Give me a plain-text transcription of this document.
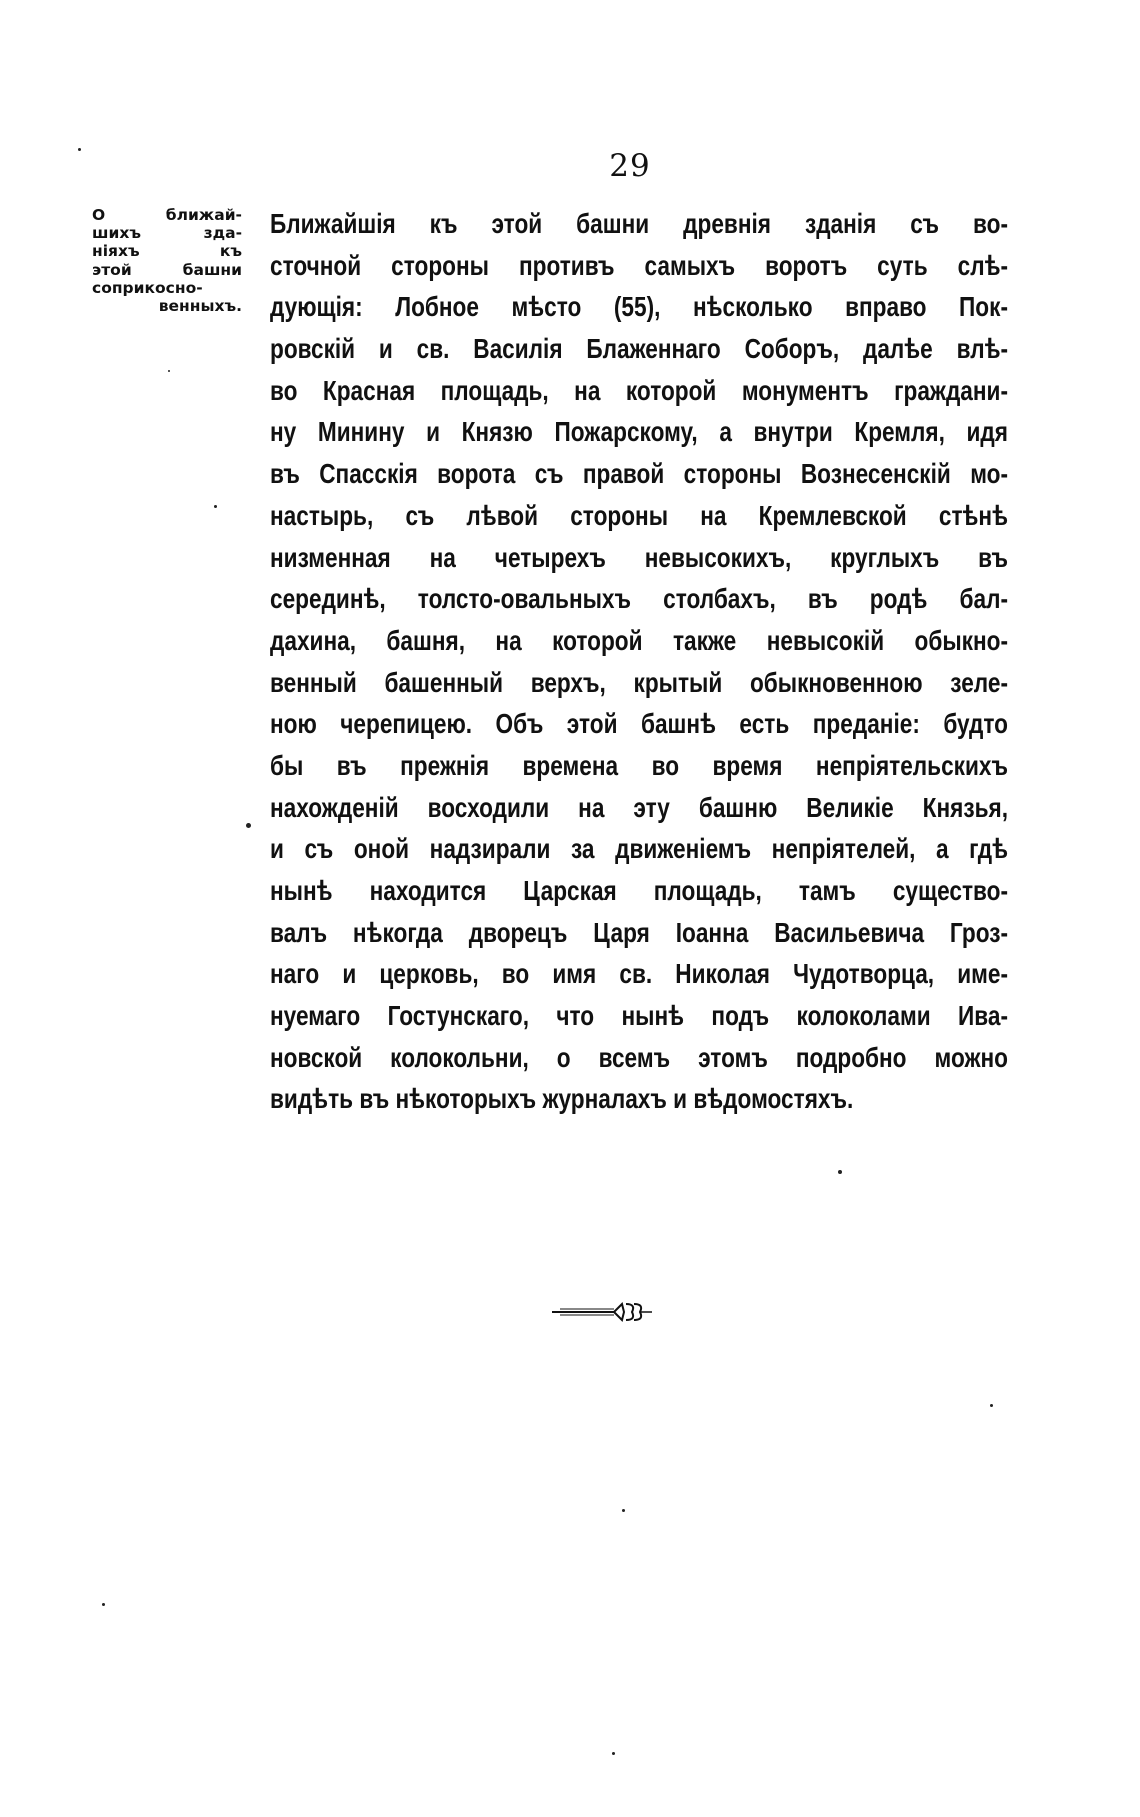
29
О ближай-
шихъ зда-
ніяхъ къ
этой башни
соприкосно-
венныхъ.
Ближайшія къ этой башни древнія зданія съ во-
сточной стороны противъ самыхъ воротъ суть слѣ-
дующія: Лобное мѣсто (55), нѣсколько вправо Пок-
ровскій и св. Василія Блаженнаго Соборъ, далѣе влѣ-
во Красная площадь, на которой монументъ граждани-
ну Минину и Князю Пожарскому, а внутри Кремля, идя
въ Спасскія ворота съ правой стороны Вознесенскій мо-
настырь, съ лѣвой стороны на Кремлевской стѣнѣ
низменная на четырехъ невысокихъ, круглыхъ въ
серединѣ, толсто-овальныхъ столбахъ, въ родѣ бал-
дахина, башня, на которой также невысокій обыкно-
венный башенный верхъ, крытый обыкновенною зеле-
ною черепицею. Объ этой башнѣ есть преданіе: будто
бы въ прежнія времена во время непріятельскихъ
нахожденій восходили на эту башню Великіе Князья,
и съ оной надзирали за движеніемъ непріятелей, а гдѣ
нынѣ находится Царская площадь, тамъ существо-
валъ нѣкогда дворецъ Царя Іоанна Васильевича Гроз-
наго и церковь, во имя св. Николая Чудотворца, име-
нуемаго Гостунскаго, что нынѣ подъ колоколами Ива-
новской колокольни, о всемъ этомъ подробно можно
видѣть въ нѣкоторыхъ журналахъ и вѣдомостяхъ.
